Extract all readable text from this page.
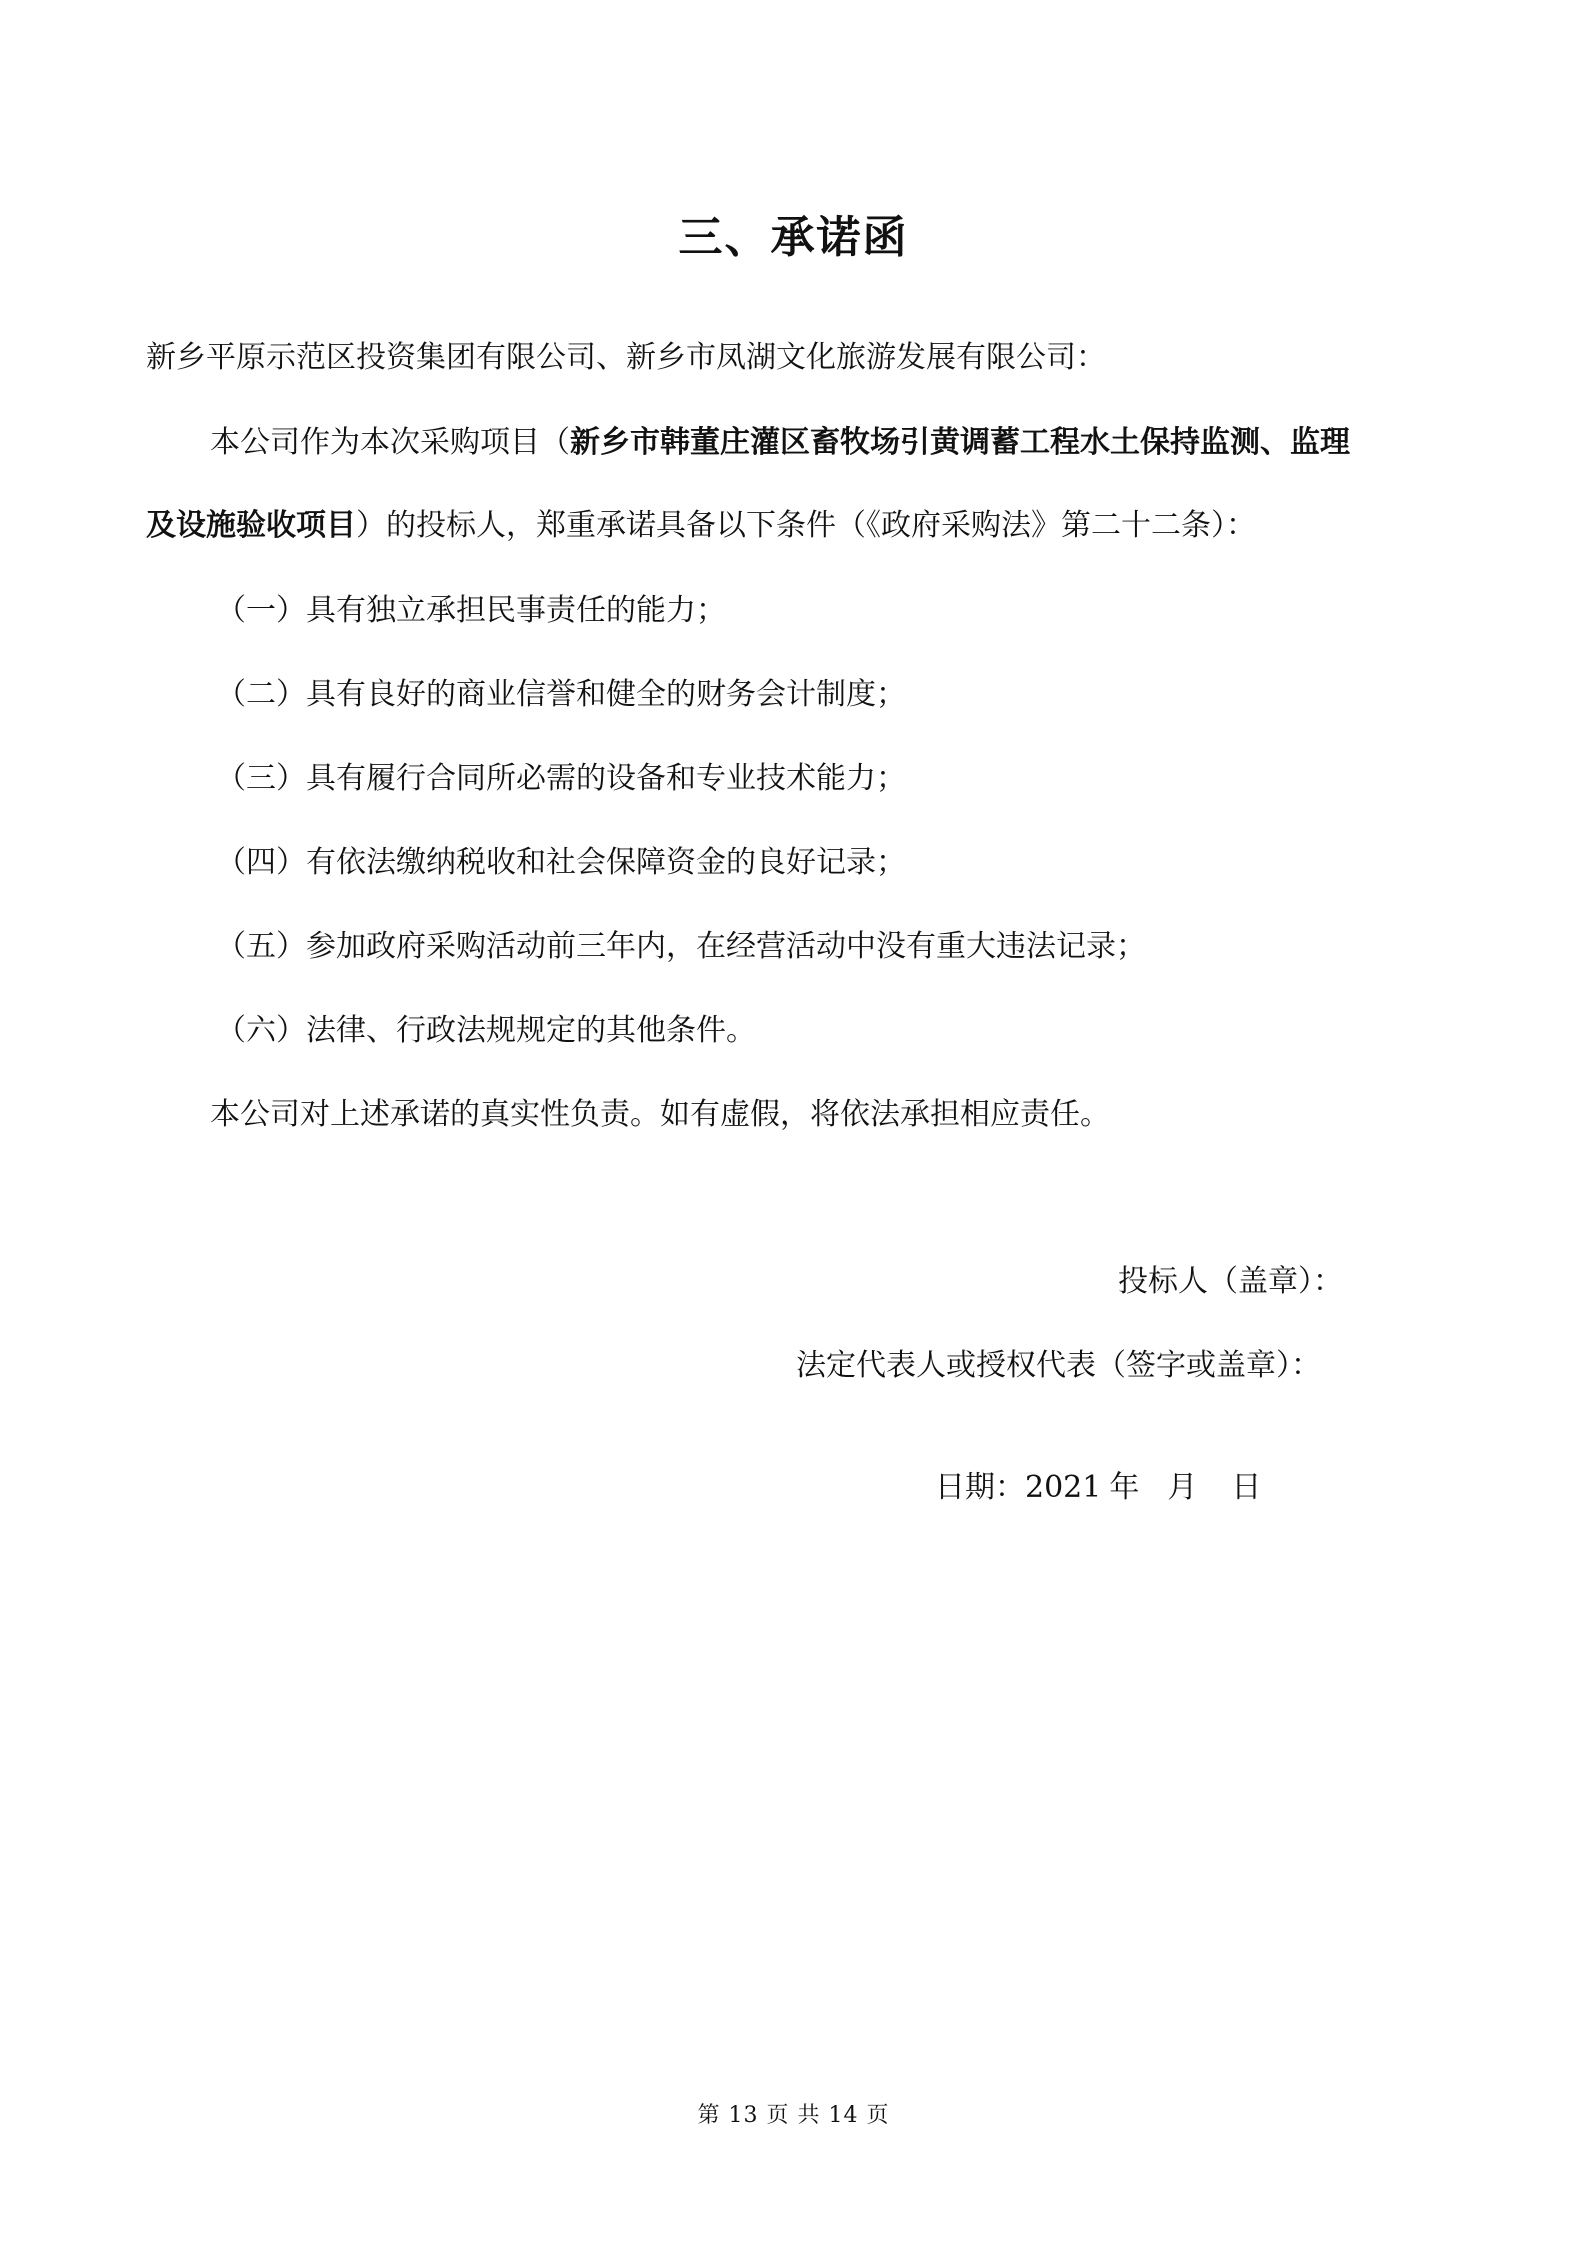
三、承诺函
新乡平原示范区投资集团有限公司、新乡市凤湖文化旅游发展有限公司：
本公司作为本次采购项目（新乡市韩董庄灌区畜牧场引黄调蓄工程水土保持监测、监理
及设施验收项目）的投标人，郑重承诺具备以下条件（《政府采购法》第二十二条）：
（一）具有独立承担民事责任的能力；
（二）具有良好的商业信誉和健全的财务会计制度；
（三）具有履行合同所必需的设备和专业技术能力；
（四）有依法缴纳税收和社会保障资金的良好记录；
（五）参加政府采购活动前三年内，在经营活动中没有重大违法记录；
（六）法律、行政法规规定的其他条件。
本公司对上述承诺的真实性负责。如有虚假，将依法承担相应责任。
投标人（盖章）：
法定代表人或授权代表（签字或盖章）：
日期：2021 年 月 日
第 13 页 共 14 页
